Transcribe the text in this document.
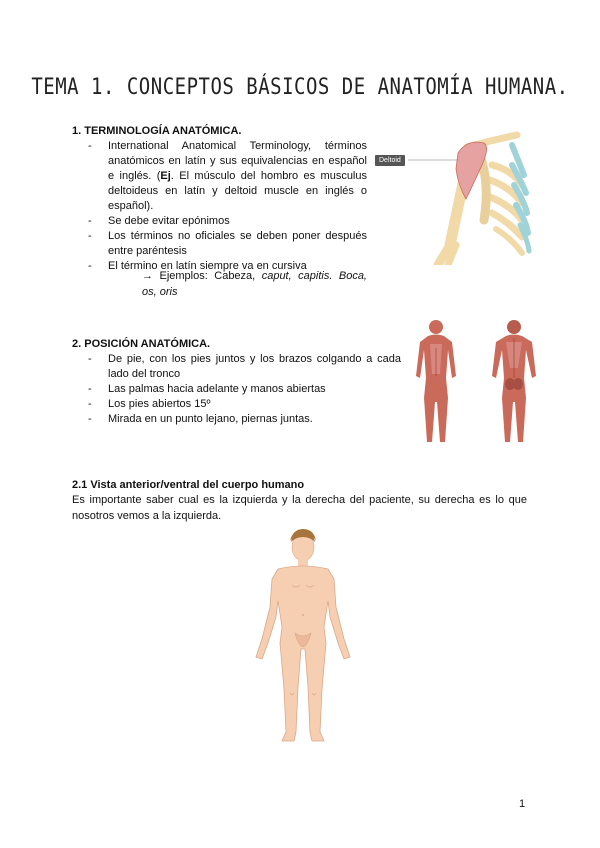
TEMA 1. CONCEPTOS BÁSICOS DE ANATOMÍA HUMANA.
1. TERMINOLOGÍA ANATÓMICA.
- International Anatomical Terminology, términos anatómicos en latín y sus equivalencias en español e inglés. (Ej. El músculo del hombro es musculus deltoideus en latín y deltoid muscle en inglés o español).
- Se debe evitar epónimos
- Los términos no oficiales se deben poner después entre paréntesis
- El término en latín siempre va en cursiva
→ Ejemplos: Cabeza, caput, capitis. Boca, os, oris
Deltoid
2. POSICIÓN ANATÓMICA.
- De pie, con los pies juntos y los brazos colgando a cada lado del tronco
- Las palmas hacia adelante y manos abiertas
- Los pies abiertos 15º
- Mirada en un punto lejano, piernas juntas.
2.1 Vista anterior/ventral del cuerpo humano
Es importante saber cual es la izquierda y la derecha del paciente, su derecha es lo que nosotros vemos a la izquierda.
1
